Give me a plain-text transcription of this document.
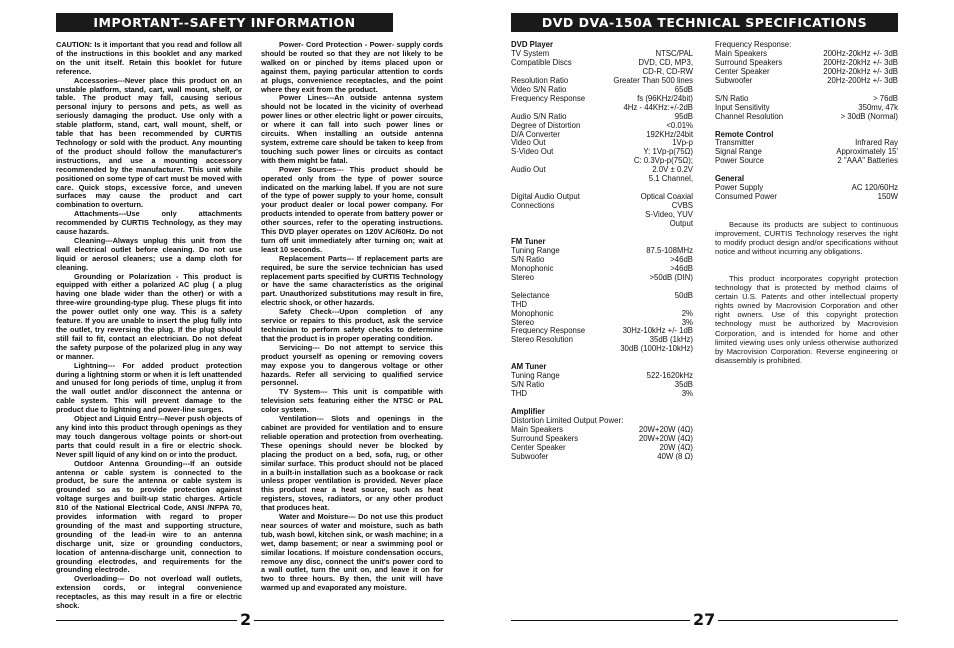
IMPORTANT--SAFETY INFORMATION

CAUTION: Is it important that you read and follow all of the instructions in this booklet and any marked on the unit itself. Retain this booklet for future reference.

Accessories---Never place this product on an unstable platform, stand, cart, wall mount, shelf, or table. The product may fall, causing serious personal injury to persons and pets, as well as seriously damaging the product. Use only with a stable platform, stand, cart, wall mount, shelf, or table that has been recommended by CURTIS Technology or sold with the product. Any mounting of the product should follow the manufacturer's instructions, and use a mounting accessory recommended by the manufacturer. This unit while positioned on some type of cart must be moved with care. Quick stops, excessive force, and uneven surfaces may cause the product and cart combination to overturn.

Attachments---Use only attachments recommended by CURTIS Technology, as they may cause hazards.

Cleaning---Always unplug this unit from the wall electrical outlet before cleaning. Do not use liquid or aerosol cleaners; use a damp cloth for cleaning.

Grounding or Polarization - This product is equipped with either a polarized AC plug ( a plug having one blade wider than the other) or with a three-wire grounding-type plug. These plugs fit into the power outlet only one way. This is a safety feature. If you are unable to insert the plug fully into the outlet, try reversing the plug. If the plug should still fail to fit, contact an electrician. Do not defeat the safety purpose of the polarized plug in any way or manner.

Lightning--- For added product protection during a lightning storm or when it is left unattended and unused for long periods of time, unplug it from the wall outlet and/or disconnect the antenna or cable system. This will prevent damage to the product due to lightning and power-line surges.

Object and Liquid Entry---Never push objects of any kind into this product through openings as they may touch dangerous voltage points or short-out parts that could result in a fire or electric shock. Never spill liquid of any kind on or into the product.

Outdoor Antenna Grounding---If an outside antenna or cable system is connected to the product, be sure the antenna or cable system is grounded so as to provide protection against voltage surges and built-up static charges. Article 810 of the National Electrical Code, ANSI /NFPA 70, provides information with regard to proper grounding of the mast and supporting structure, grounding of the lead-in wire to an antenna discharge unit, size or grounding conductors, location of antenna-discharge unit, connection to grounding electrodes, and requirements for the grounding electrode.

Overloading--- Do not overload wall outlets, extension cords, or integral convenience receptacles, as this may result in a fire or electric shock.

Power- Cord Protection - Power- supply cords should be routed so that they are not likely to be walked on or pinched by items placed upon or against them, paying particular attention to cords at plugs, convenience receptacles, and the point where they exit from the product.

Power Lines---An outside antenna system should not be located in the vicinity of overhead power lines or other electric light or power circuits, or where it can fall into such power lines or circuits. When installing an outside antenna system, extreme care should be taken to keep from touching such power lines or circuits as contact with them might be fatal.

Power Sources--- This product should be operated only from the type of power source indicated on the marking label. If you are not sure of the type of power supply to your home, consult your product dealer or local power company. For products intended to operate from battery power or other sources, refer to the operating instructions. This DVD player operates on 120V AC/60Hz. Do not turn off unit immediately after turning on; wait at least 10 seconds.

Replacement Parts--- If replacement parts are required, be sure the service technician has used replacement parts specified by CURTIS Technology or have the same characteristics as the original part. Unauthorized substitutions may result in fire, electric shock, or other hazards.

Safety Check---Upon completion of any service or repairs to this product, ask the service technician to perform safety checks to determine that the product is in proper operating condition.

Servicing--- Do not attempt to service this product yourself as opening or removing covers may expose you to dangerous voltage or other hazards. Refer all servicing to qualified service personnel.

TV System--- This unit is compatible with television sets featuring either the NTSC or PAL color system.

Ventilation--- Slots and openings in the cabinet are provided for ventilation and to ensure reliable operation and protection from overheating. These openings should never be blocked by placing the product on a bed, sofa, rug, or other similar surface. This product should not be placed in a built-in installation such as a bookcase or rack unless proper ventilation is provided. Never place this product near a heat source, such as heat registers, stoves, radiators, or any other product that produces heat.

Water and Moisture--- Do not use this product near sources of water and moisture, such as bath tub, wash bowl, kitchen sink, or wash machine; in a wet, damp basement; or near a swimming pool or similar locations. If moisture condensation occurs, remove any disc, connect the unit's power cord to a wall outlet, turn the unit on, and leave it on for two to three hours. By then, the unit will have warmed up and evaporated any moisture.

2
DVD DVA-150A TECHNICAL SPECIFICATIONS
DVD Player
TV System	NTSC/PAL
Compatible Discs	DVD, CD, MP3,
CD-R, CD-RW
Resolution Ratio	Greater Than 500 lines
Video S/N Ratio	65dB
Frequency Response	fs (96KHz/24bit)
4Hz - 44KHz:+/-2dB
Audio S/N Ratio	95dB
Degree of Distortion	<0.01%
D/A Converter	192KHz/24bit
Video Out	1Vp-p
S-Video Out	Y: 1Vp-p(75Ω)
C: 0.3Vp-p(75Ω);
Audio Out	2.0V ± 0.2V
5.1 Channel,
Digital Audio Output	Optical Coaxial
Connections	CVBS
S-Video, YUV
Output
FM Tuner
Tuning Range	87.5-108MHz
S/N Ratio	>46dB
Monophonic	>46dB
Stereo	>50dB (DIN)
Selectance	50dB
THD
Monophonic	2%
Stereo	3%
Frequency Response	30Hz-10kHz +/- 1dB
Stereo Resolution	35dB (1kHz)
30dB (100Hz-10kHz)
AM Tuner
Tuning Range	522-1620kHz
S/N Ratio	35dB
THD	3%
Amplifier
Distortion Limited Output Power:
Main Speakers	20W+20W (4Ω)
Surround Speakers	20W+20W (4Ω)
Center Speaker	20W (4Ω)
Subwoofer	40W (8 Ω)
Frequency Response:
Main Speakers	200Hz-20kHz +/- 3dB
Surround Speakers	200Hz-20kHz +/- 3dB
Center Speaker	200Hz-20kHz +/- 3dB
Subwoofer	20Hz-200Hz +/- 3dB
S/N Ratio	> 76dB
Input Sensitivity	350mv, 47k
Channel Resolution	> 30dB (Normal)
Remote Control
Transmitter	Infrared Ray
Signal Range	Approximately 15'
Power Source	2 "AAA" Batteries
General
Power Supply	AC 120/60Hz
Consumed Power	150W

Because its products are subject to continuous improvement, CURTIS Technology reserves the right to modify product design and/or specifications without notice and without incurring any obligations.

This product incorporates copyright protection technology that is protected by method claims of certain U.S. Patents and other intellectual property rights owned by Macrovision Corporation and other right owners. Use of this copyright protection technology must be authorized by Macrovision Corporation, and is intended for home and other limited viewing uses only unless otherwise authorized by Macrovision Corporation. Reverse engineering or disassembly is prohibited.

27
